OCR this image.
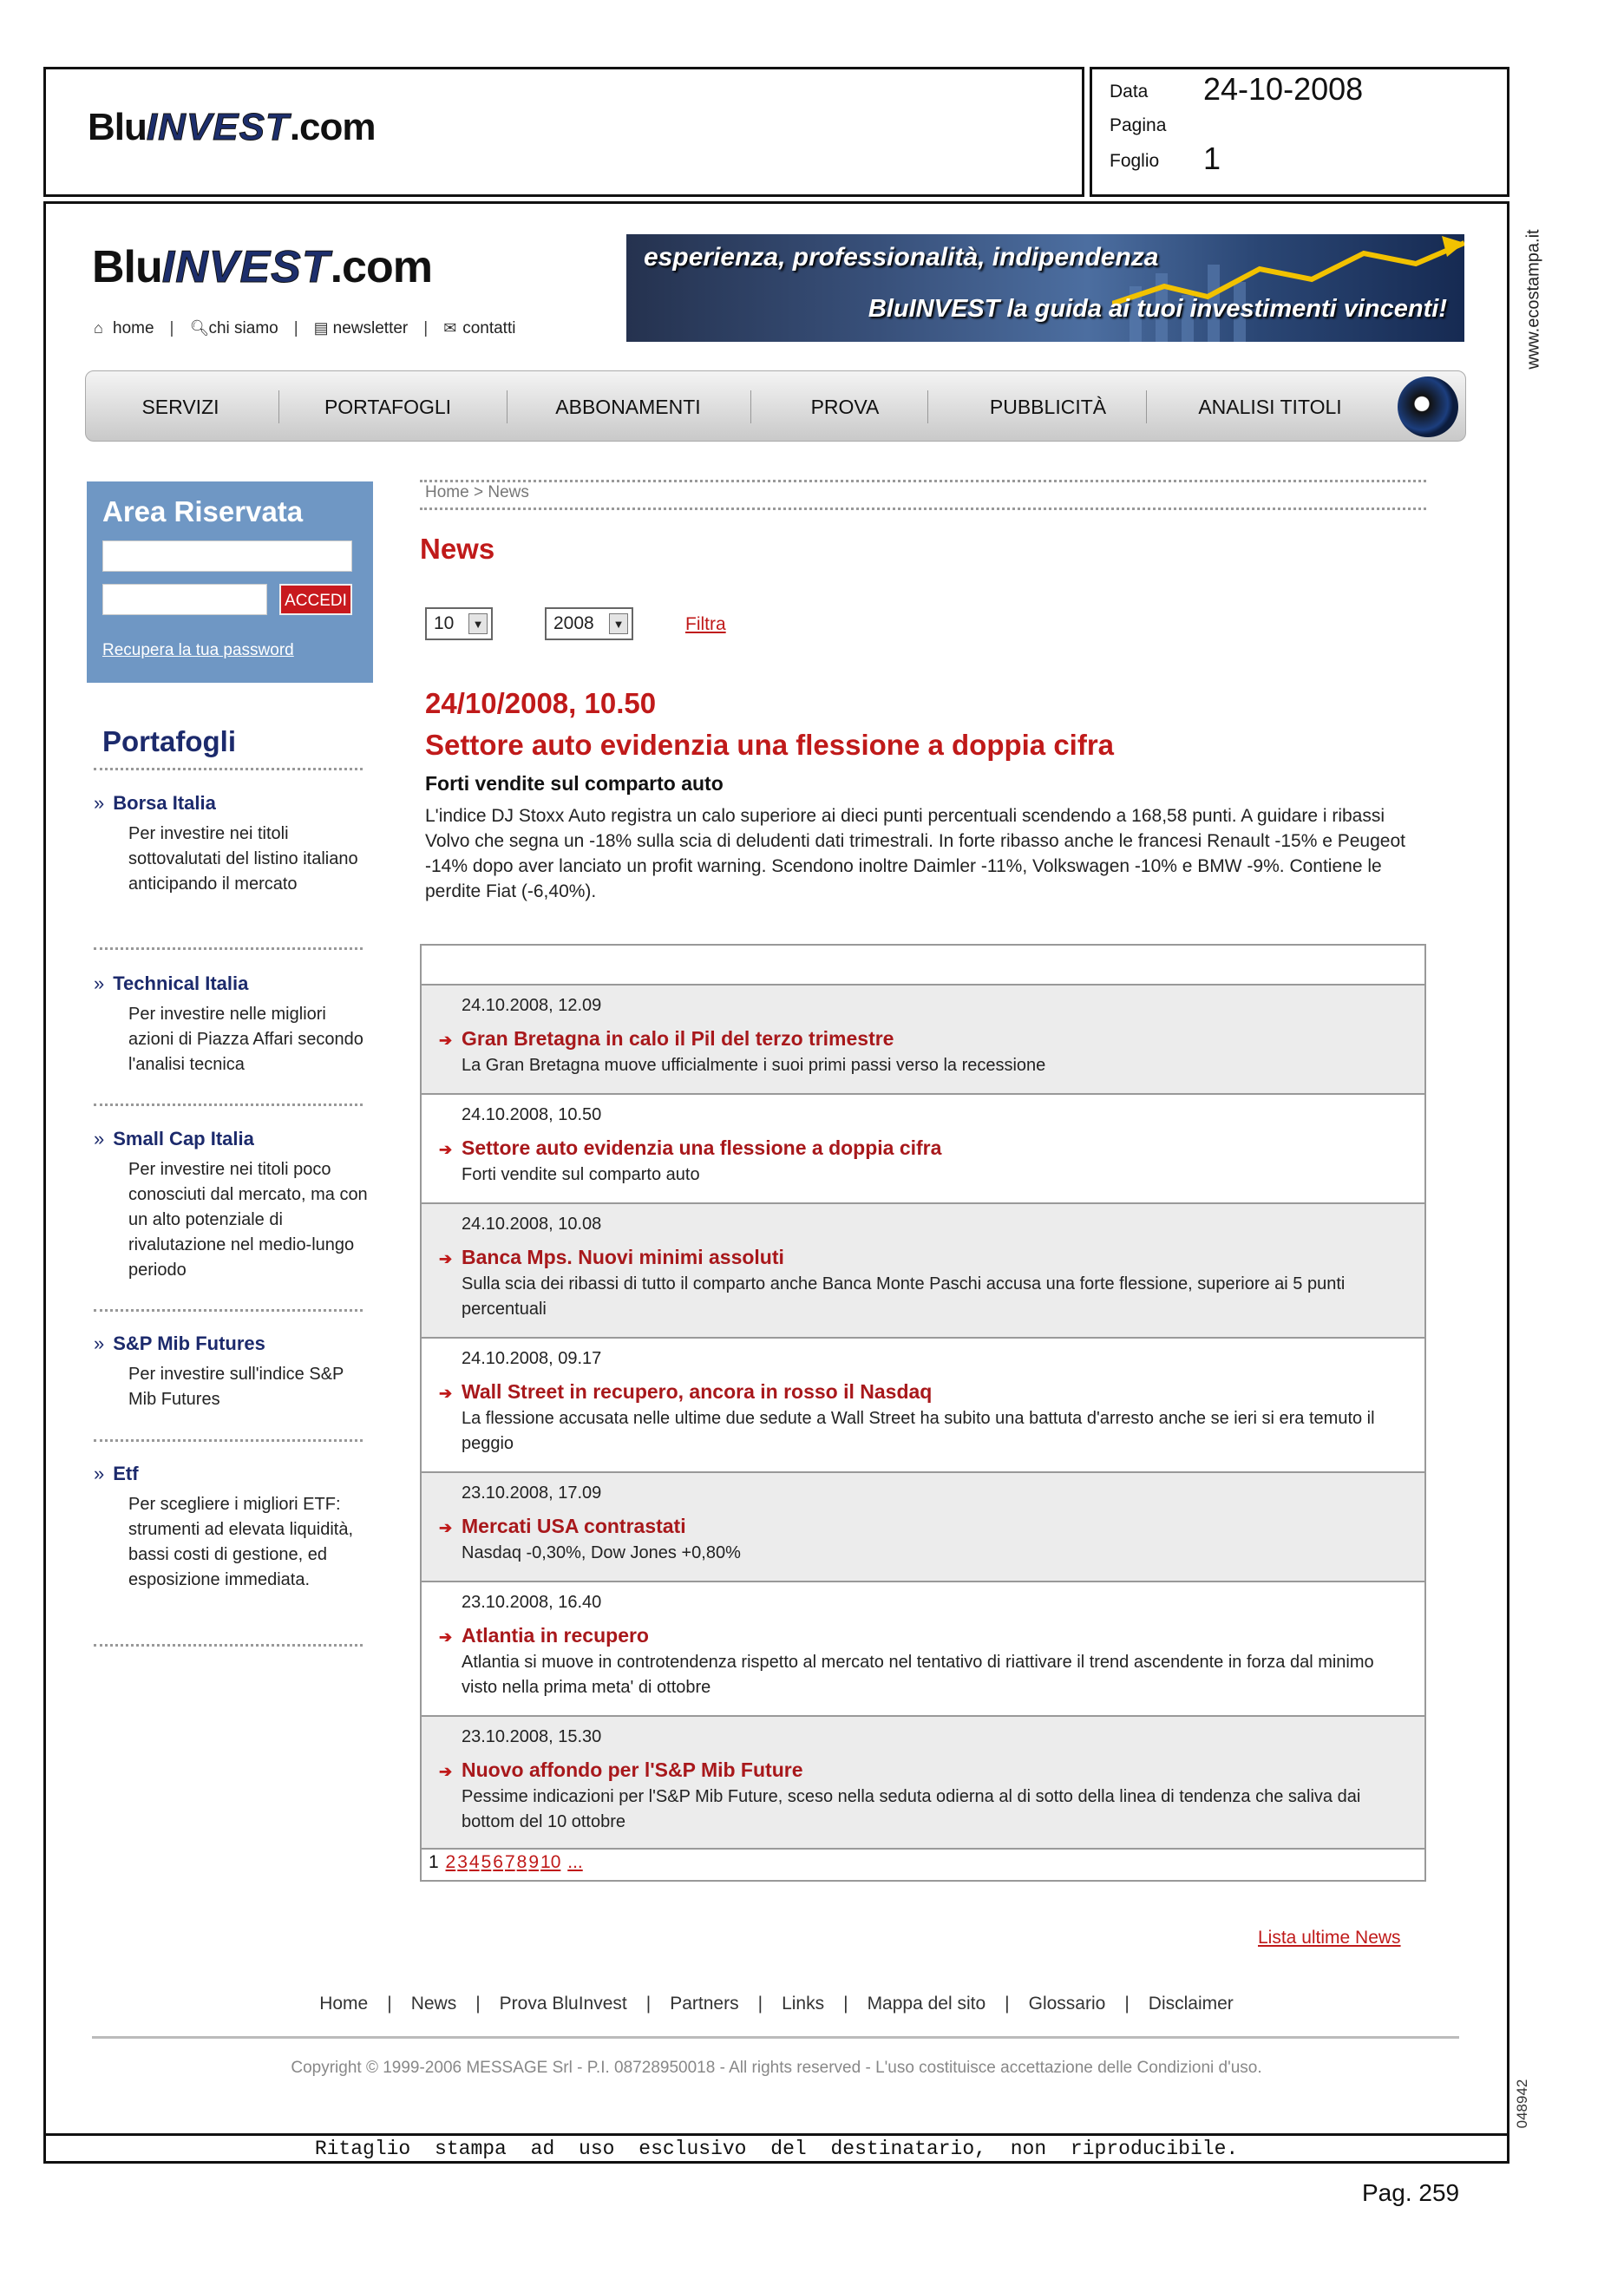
BluINVEST.com
Data 24-10-2008
Pagina
Foglio 1
Ritaglio stampa ad uso esclusivo del destinatario, non riproducibile.
www.ecostampa.it
048942
Pag. 259
BluINVEST.com
⌂ home | 🔍︎chi siamo | ▤ newsletter | ✉ contatti
esperienza, professionalità, indipendenza
BluINVEST la guida ai tuoi investimenti vincenti!
SERVIZI	PORTAFOGLI	ABBONAMENTI	PROVA	PUBBLICITÀ	ANALISI TITOLI
Area Riservata
ACCEDI
Recupera la tua password
Portafogli
» Borsa Italia
Per investire nei titoli sottovalutati del listino italiano anticipando il mercato
» Technical Italia
Per investire nelle migliori azioni di Piazza Affari secondo l'analisi tecnica
» Small Cap Italia
Per investire nei titoli poco conosciuti dal mercato, ma con un alto potenziale di rivalutazione nel medio-lungo periodo
» S&P Mib Futures
Per investire sull'indice S&P Mib Futures
» Etf
Per scegliere i migliori ETF: strumenti ad elevata liquidità, bassi costi di gestione, ed esposizione immediata.
Home > News
News
10	▼	2008	▼	Filtra
24/10/2008, 10.50
Settore auto evidenzia una flessione a doppia cifra
Forti vendite sul comparto auto
L'indice DJ Stoxx Auto registra un calo superiore ai dieci punti percentuali scendendo a 168,58 punti. A guidare i ribassi Volvo che segna un -18% sulla scia di deludenti dati trimestrali. In forte ribasso anche le francesi Renault -15% e Peugeot -14% dopo aver lanciato un profit warning. Scendono inoltre Daimler -11%, Volkswagen -10% e BMW -9%. Contiene le perdite Fiat (-6,40%).
24.10.2008, 12.09
➔ Gran Bretagna in calo il Pil del terzo trimestre
La Gran Bretagna muove ufficialmente i suoi primi passi verso la recessione
24.10.2008, 10.50
➔ Settore auto evidenzia una flessione a doppia cifra
Forti vendite sul comparto auto
24.10.2008, 10.08
➔ Banca Mps. Nuovi minimi assoluti
Sulla scia dei ribassi di tutto il comparto anche Banca Monte Paschi accusa una forte flessione, superiore ai 5 punti percentuali
24.10.2008, 09.17
➔ Wall Street in recupero, ancora in rosso il Nasdaq
La flessione accusata nelle ultime due sedute a Wall Street ha subito una battuta d'arresto anche se ieri si era temuto il peggio
23.10.2008, 17.09
➔ Mercati USA contrastati
Nasdaq -0,30%, Dow Jones +0,80%
23.10.2008, 16.40
➔ Atlantia in recupero
Atlantia si muove in controtendenza rispetto al mercato nel tentativo di riattivare il trend ascendente in forza dal minimo visto nella prima meta' di ottobre
23.10.2008, 15.30
➔ Nuovo affondo per l'S&P Mib Future
Pessime indicazioni per l'S&P Mib Future, sceso nella seduta odierna al di sotto della linea di tendenza che saliva dai bottom del 10 ottobre
1 2345678910 ...
Lista ultime News
Home | News | Prova BluInvest | Partners | Links | Mappa del sito | Glossario | Disclaimer
Copyright © 1999-2006 MESSAGE Srl - P.I. 08728950018 - All rights reserved - L'uso costituisce accettazione delle Condizioni d'uso.
